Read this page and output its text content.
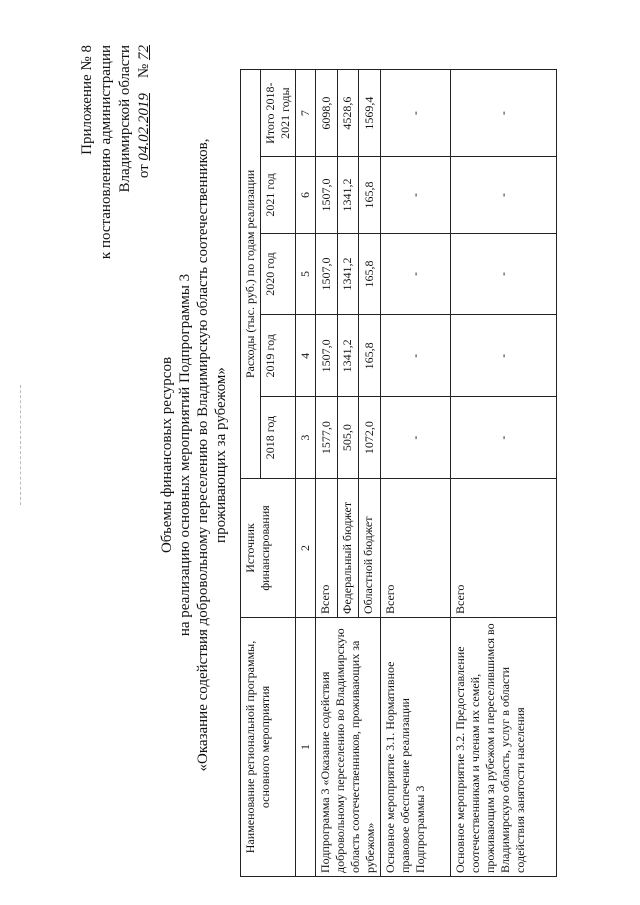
Приложение № 8 к постановлению администрации Владимирской области от 04.02.2019    № 72
Объемы финансовых ресурсов на реализацию основных мероприятий Подпрограммы 3 «Оказание содействия добровольному переселению во Владимирскую область соотечественников, проживающих за рубежом»
Наименование региональной программы, основного мероприятия	Источник финансирования	Расходы (тыс. руб.) по годам реализации				
		2018 год	2019 год	2020 год	2021 год	Итого 2018-2021 годы
1	2	3	4	5	6	7
Подпрограмма 3 «Оказание содействия добровольному переселению во Владимирскую область соотечественников, проживающих за рубежом»	Всего	1577,0	1507,0	1507,0	1507,0	6098,0
	Федеральный бюджет	505,0	1341,2	1341,2	1341,2	4528,6
	Областной бюджет	1072,0	165,8	165,8	165,8	1569,4
Основное мероприятие 3.1. Нормативное правовое обеспечение реализации Подпрограммы 3	Всего	-	-	-	-	-
Основное мероприятие 3.2. Предоставление соотечественникам и членам их семей, проживающим за рубежом и переселившимся во Владимирскую область, услуг в области содействия занятости населения	Всего	-	-	-	-	-
